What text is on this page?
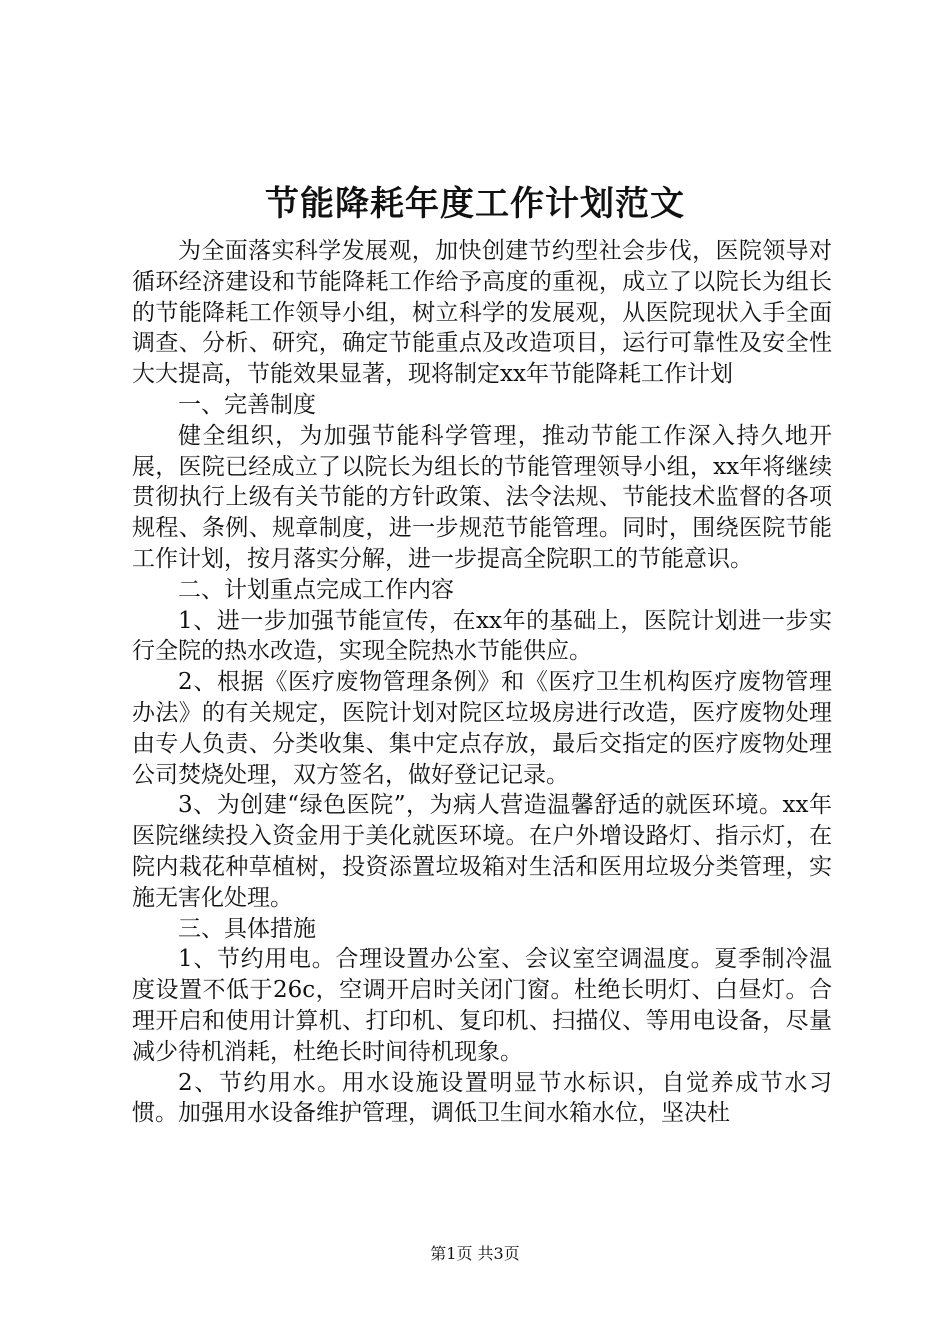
节能降耗年度工作计划范文

为全面落实科学发展观，加快创建节约型社会步伐，医院领导对循环经济建设和节能降耗工作给予高度的重视，成立了以院长为组长的节能降耗工作领导小组，树立科学的发展观，从医院现状入手全面调查、分析、研究，确定节能重点及改造项目，运行可靠性及安全性大大提高，节能效果显著，现将制定xx年节能降耗工作计划

一、完善制度

健全组织，为加强节能科学管理，推动节能工作深入持久地开展，医院已经成立了以院长为组长的节能管理领导小组，xx年将继续贯彻执行上级有关节能的方针政策、法令法规、节能技术监督的各项规程、条例、规章制度，进一步规范节能管理。同时，围绕医院节能工作计划，按月落实分解，进一步提高全院职工的节能意识。

二、计划重点完成工作内容

1、进一步加强节能宣传，在xx年的基础上，医院计划进一步实行全院的热水改造，实现全院热水节能供应。

2、根据《医疗废物管理条例》和《医疗卫生机构医疗废物管理办法》的有关规定，医院计划对院区垃圾房进行改造，医疗废物处理由专人负责、分类收集、集中定点存放，最后交指定的医疗废物处理公司焚烧处理，双方签名，做好登记记录。

3、为创建“绿色医院”，为病人营造温馨舒适的就医环境。xx年医院继续投入资金用于美化就医环境。在户外增设路灯、指示灯，在院内栽花种草植树，投资添置垃圾箱对生活和医用垃圾分类管理，实施无害化处理。

三、具体措施

1、节约用电。合理设置办公室、会议室空调温度。夏季制冷温度设置不低于26c，空调开启时关闭门窗。杜绝长明灯、白昼灯。合理开启和使用计算机、打印机、复印机、扫描仪、等用电设备，尽量减少待机消耗，杜绝长时间待机现象。

2、节约用水。用水设施设置明显节水标识，自觉养成节水习惯。加强用水设备维护管理，调低卫生间水箱水位，坚决杜

第1页 共3页
